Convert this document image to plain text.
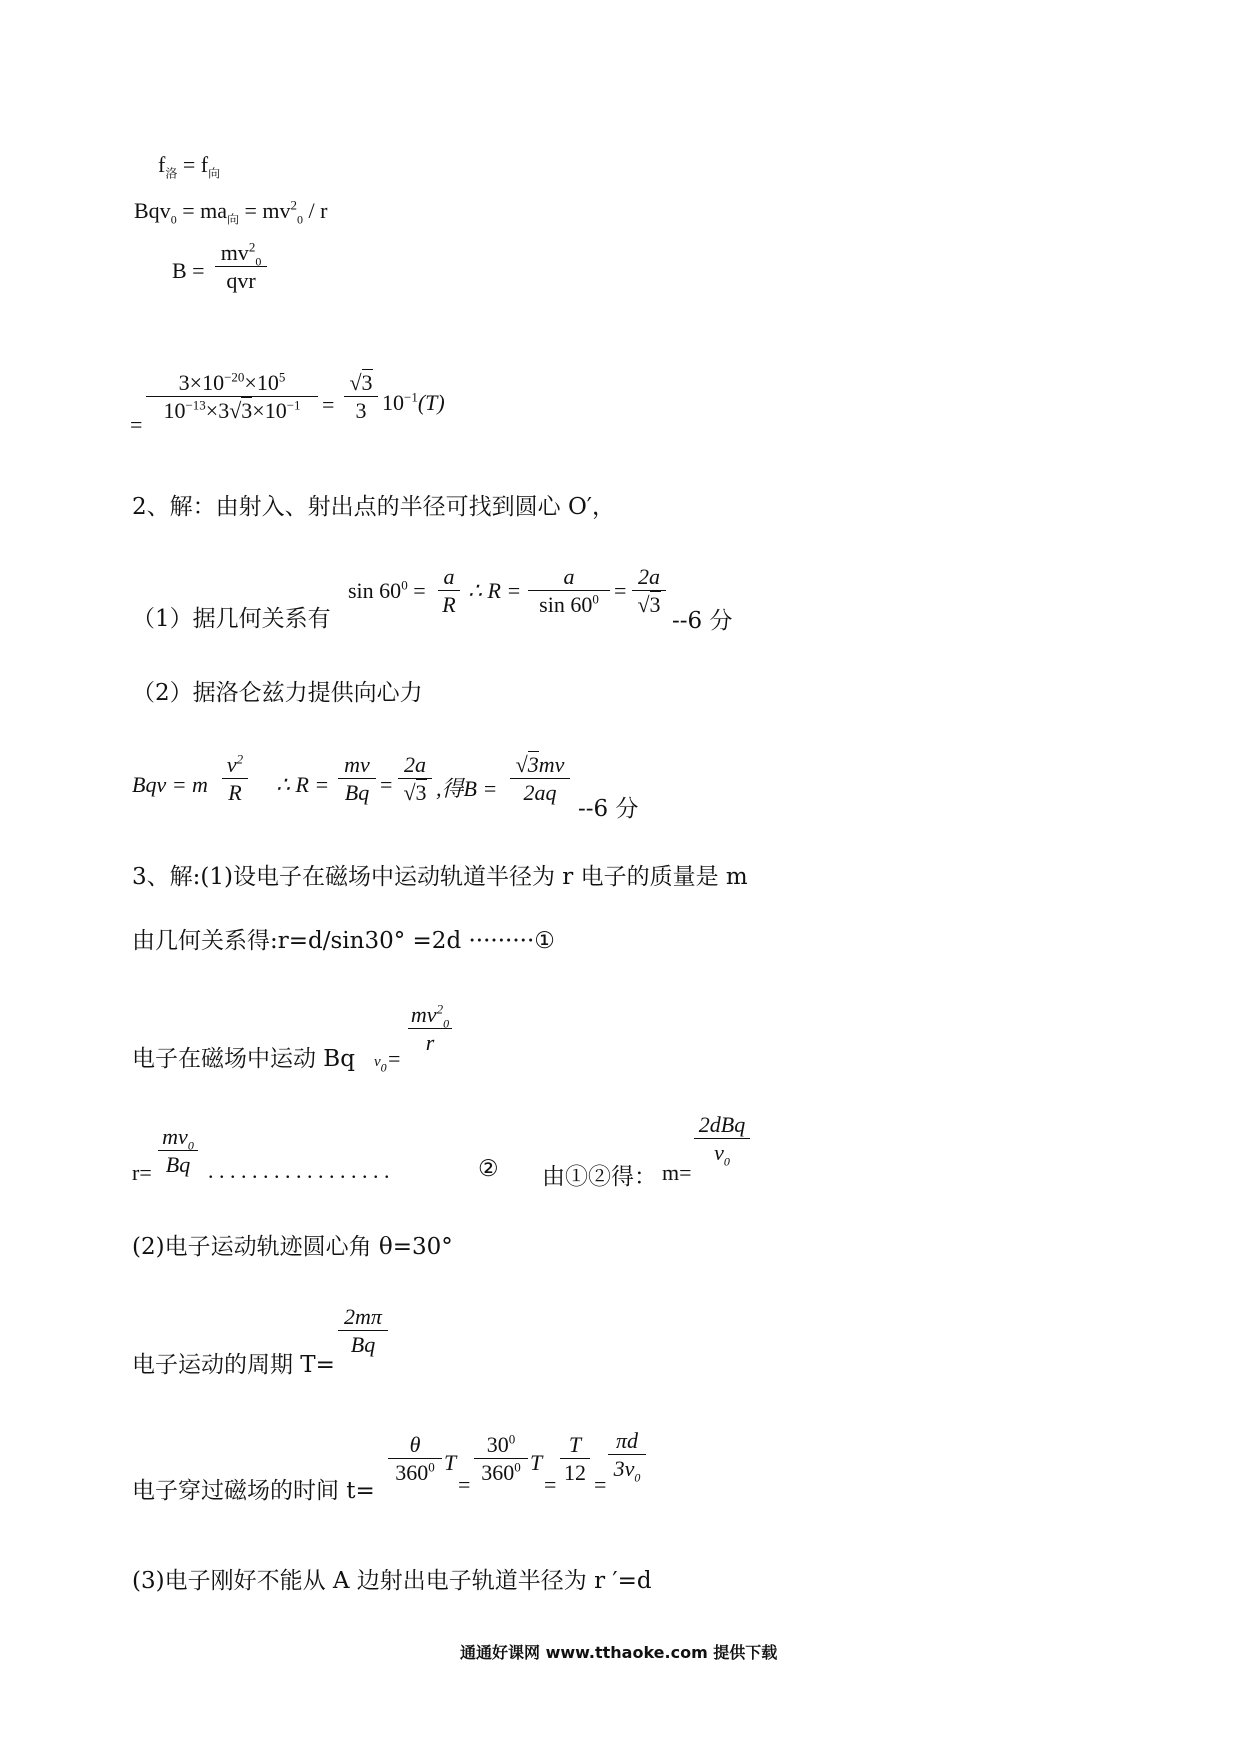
$f_洛 = f_向$
$Bqv_0 = ma_向 = mv^2_0 / r$
B =
$mv^2_0$
qvr
=
$3\times 10^{-20}\times 10^5$
$10^{-13}\times 3√3\times 10^{-1}$ =
√3
3 $10^{-1}(T)$
2、解：由射入、射出点的半径可找到圆心 O′，
（1）据几何关系有
$\sin 60^0$ =
a
R
∴ R =
a
$\sin 60^0$ =
2a
√3
--6 分
（2）据洛仑兹力提供向心力
Bqv = m
$v^2$
R ∴ R =
mv
Bq =
2a
√3 ,得B =
√3mv
2aq
--6 分
3、解:(1)设电子在磁场中运动轨道半径为 r 电子的质量是 m
由几何关系得:r=d/sin30° =2d ·········①
电子在磁场中运动 Bq $v_0=$
$mv^2_0$
r
r=
$mv_0$
Bq . . . . . . . . . . . . . . . . .	② 由①②得： m=
2dBq
$v_0$
(2)电子运动轨迹圆心角 θ=30°
电子运动的周期 T=
2mπ
Bq
电子穿过磁场的时间 t=
θ
$360^0$ T
=
$30^0$
$360^0$ T
=
T
12 =
πd
$3v_0$
(3)电子刚好不能从 A 边射出电子轨道半径为 r ′=d
通通好课网 www.tthaoke.com 提供下载
